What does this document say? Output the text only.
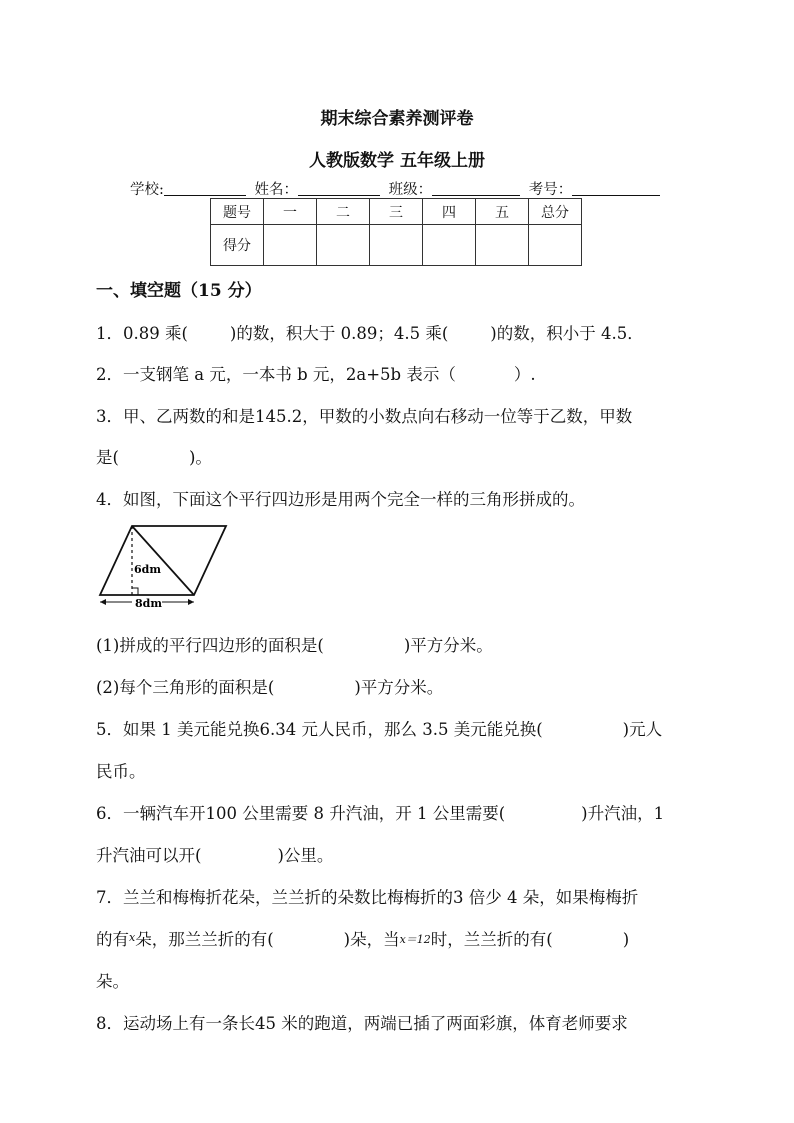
期末综合素养测评卷
人教版数学 五年级上册
学校:	姓名：	班级：	考号：
题号	一	二	三	四	五	总分
得分						
一、填空题（15 分）
1．0.89 乘(	)的数，积大于 0.89；4.5 乘(	)的数，积小于 4.5．
2．一支钢笔 a 元，一本书 b 元，2a+5b 表示（	）.
3．甲、乙两数的和是145.2，甲数的小数点向右移动一位等于乙数，甲数
是(	)。
4．如图，下面这个平行四边形是用两个完全一样的三角形拼成的。
6dm
8dm
(1)拼成的平行四边形的面积是(	)平方分米。
(2)每个三角形的面积是(	)平方分米。
5．如果 1 美元能兑换6.34 元人民币，那么 3.5 美元能兑换(	)元人
民币。
6．一辆汽车开100 公里需要 8 升汽油，开 1 公里需要(	)升汽油，1
升汽油可以开(	)公里。
7．兰兰和梅梅折花朵，兰兰折的朵数比梅梅折的3 倍少 4 朵，如果梅梅折
的有$^x$朵，那兰兰折的有(	)朵，当x＝12时，兰兰折的有(	)
朵。
8．运动场上有一条长45 米的跑道，两端已插了两面彩旗，体育老师要求
